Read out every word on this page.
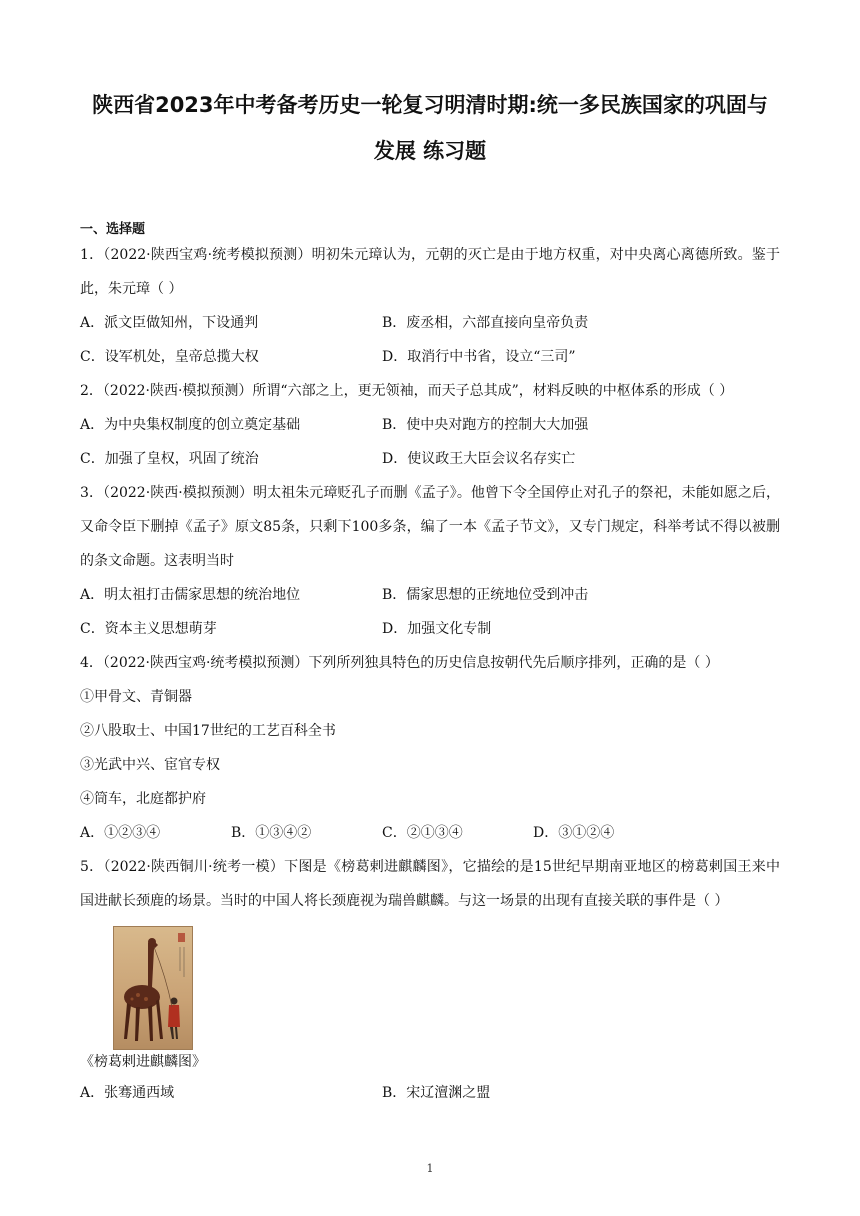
陕西省2023年中考备考历史一轮复习明清时期:统一多民族国家的巩固与
发展 练习题
一、选择题
1．（2022·陕西宝鸡·统考模拟预测）明初朱元璋认为，元朝的灭亡是由于地方权重，对中央离心离德所致。鉴于此，朱元璋（ ）
A．派文臣做知州，下设通判	B．废丞相，六部直接向皇帝负责
C．设军机处，皇帝总揽大权	D．取消行中书省，设立“三司”
2．（2022·陕西·模拟预测）所谓“六部之上，更无领袖，而天子总其成”，材料反映的中枢体系的形成（ ）
A．为中央集权制度的创立奠定基础	B．使中央对跑方的控制大大加强
C．加强了皇权，巩固了统治	D．使议政王大臣会议名存实亡
3．（2022·陕西·模拟预测）明太祖朱元璋贬孔子而删《孟子》。他曾下令全国停止对孔子的祭祀，未能如愿之后，又命令臣下删掉《孟子》原文85条，只剩下100多条，编了一本《孟子节文》，又专门规定，科举考试不得以被删的条文命题。这表明当时
A．明太祖打击儒家思想的统治地位	B．儒家思想的正统地位受到冲击
C．资本主义思想萌芽	D．加强文化专制
4．（2022·陕西宝鸡·统考模拟预测）下列所列独具特色的历史信息按朝代先后顺序排列，正确的是（ ）
①甲骨文、青铜器
②八股取士、中国17世纪的工艺百科全书
③光武中兴、宦官专权
④筒车，北庭都护府
A．①②③④	B．①③④②	C．②①③④	D．③①②④
5．（2022·陕西铜川·统考一模）下图是《榜葛剌进麒麟图》，它描绘的是15世纪早期南亚地区的榜葛剌国王来中国进献长颈鹿的场景。当时的中国人将长颈鹿视为瑞兽麒麟。与这一场景的出现有直接关联的事件是（ ）
《榜葛剌进麒麟图》
A．张骞通西域	B．宋辽澶渊之盟
1
